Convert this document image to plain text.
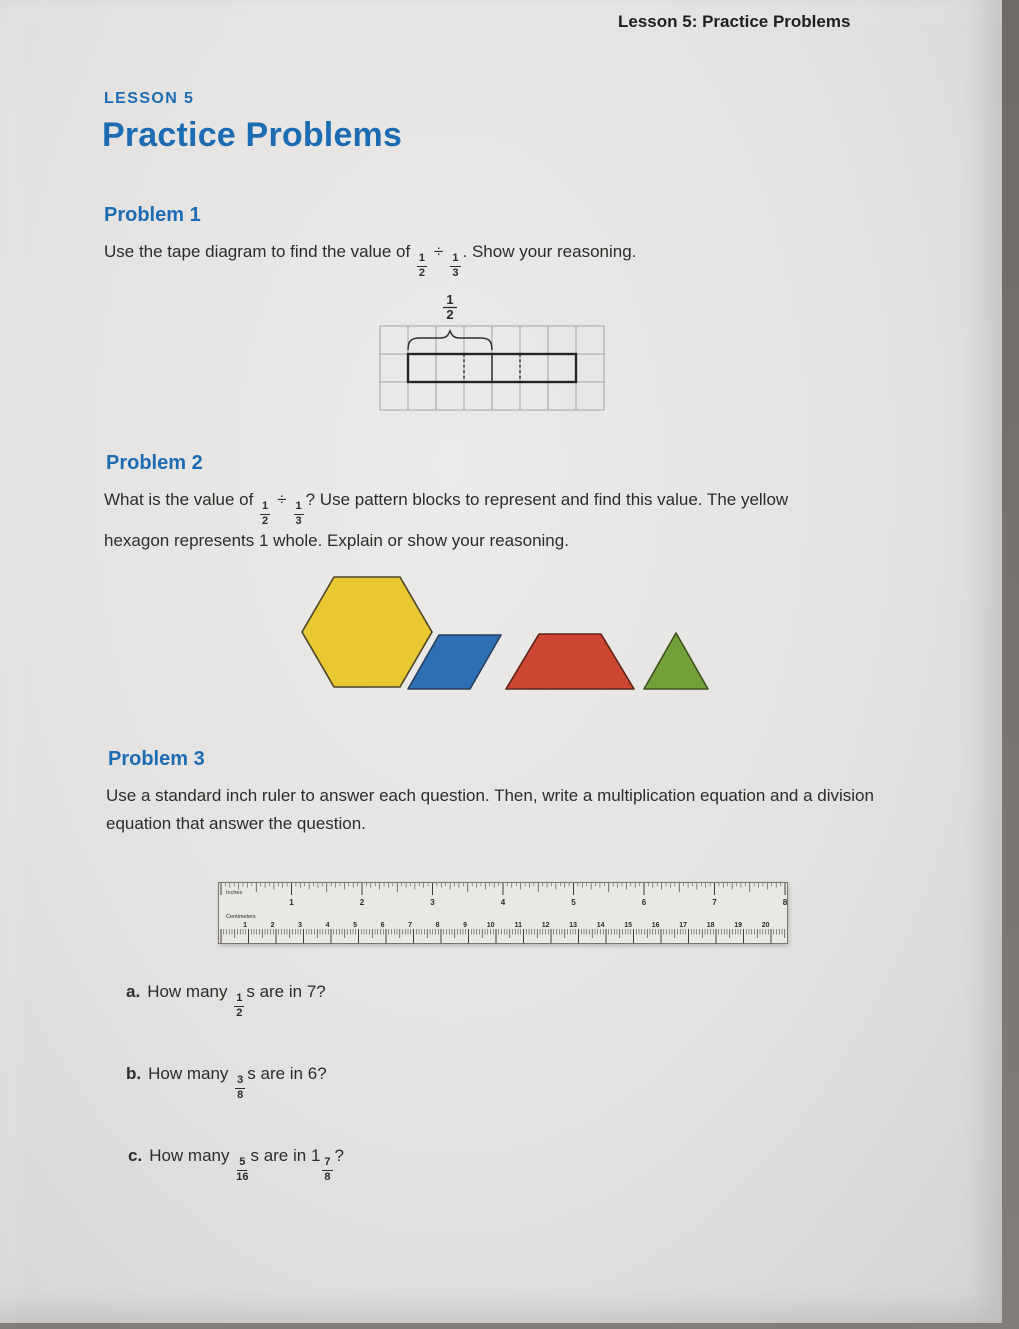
Lesson 5: Practice Problems
LESSON 5
Practice Problems
Problem 1

Use the tape diagram to find the value of
$\frac{1}{2}$
÷
$\frac{1}{3}$
. Show your reasoning.

1
2
Problem 2

What is the value of
$\frac{1}{2}$
÷
$\frac{1}{3}$
? Use pattern blocks to represent and find this value. The yellow hexagon represents 1 whole. Explain or show your reasoning.

Problem 3

Use a standard inch ruler to answer each question. Then, write a multiplication equation and a division equation that answer the question.

1	2	3	4	5	6	7	8
Inches
Centimeters
1	2	3	4	5	6	7	8	9	10	11	12	13	14	15	16	17	18	19	20
a. How many
$\frac{1}{2}$
s are in 7?
b. How many
$\frac{3}{8}$
s are in 6?
c. How many
$\frac{5}{16}$
s are in 1
$\frac{7}{8}$
?
